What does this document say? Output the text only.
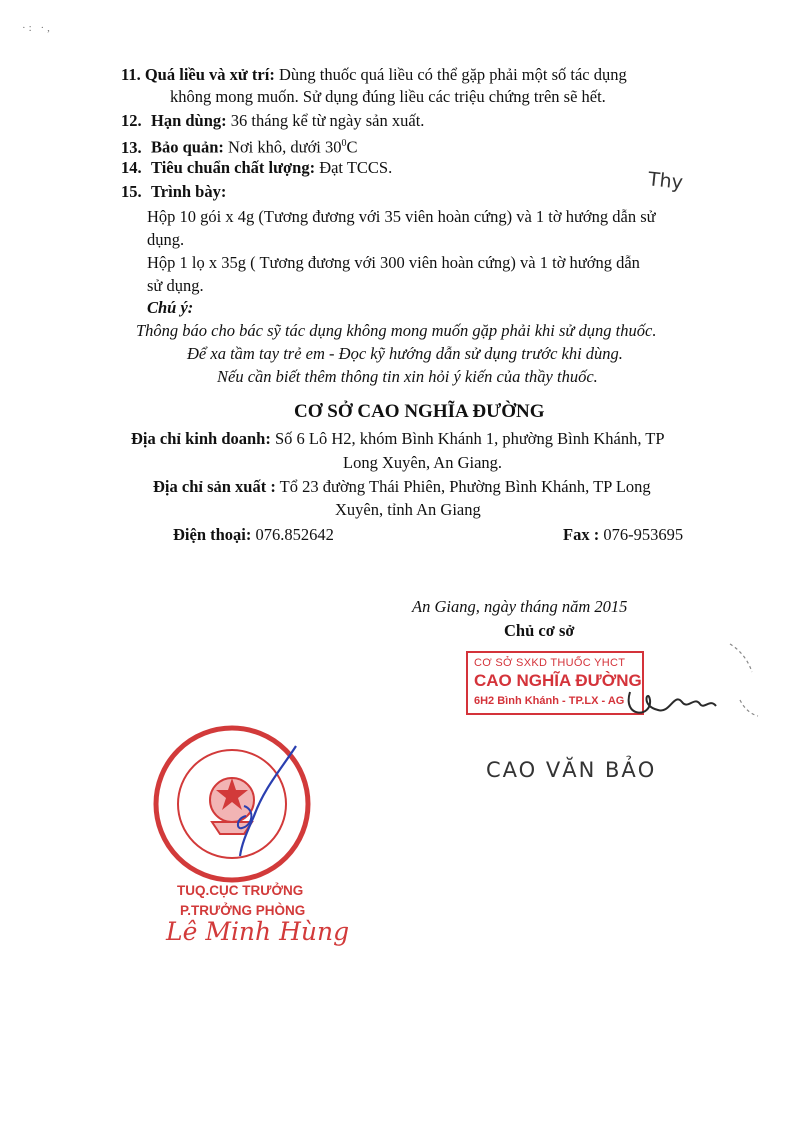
·: ·,
11. Quá liều và xử trí: Dùng thuốc quá liều có thể gặp phải một số tác dụng
không mong muốn. Sử dụng đúng liều các triệu chứng trên sẽ hết.
12. Hạn dùng: 36 tháng kể từ ngày sản xuất.
13. Bảo quản: Nơi khô, dưới $30^0C$
14. Tiêu chuẩn chất lượng: Đạt TCCS.
15. Trình bày:	Thy
Hộp 10 gói x 4g (Tương đương với 35 viên hoàn cứng) và 1 tờ hướng dẫn sử
dụng.
Hộp 1 lọ x 35g ( Tương đương với 300 viên hoàn cứng) và 1 tờ hướng dẫn
sử dụng.
Chú ý:
Thông báo cho bác sỹ tác dụng không mong muốn gặp phải khi sử dụng thuốc.
Để xa tầm tay trẻ em - Đọc kỹ hướng dẫn sử dụng trước khi dùng.
Nếu cần biết thêm thông tin xin hỏi ý kiến của thầy thuốc.
CƠ SỞ CAO NGHĨA ĐƯỜNG
Địa chỉ kinh doanh: Số 6 Lô H2, khóm Bình Khánh 1, phường Bình Khánh, TP
Long Xuyên, An Giang.
Địa chỉ sản xuất : Tổ 23 đường Thái Phiên, Phường Bình Khánh, TP Long
Xuyên, tỉnh An Giang
Điện thoại: 076.852642	Fax : 076-953695
An Giang, ngày tháng năm 2015
Chủ cơ sở
CƠ SỞ SXKD THUỐC YHCT
CAO NGHĨA ĐƯỜNG
6H2 Bình Khánh - TP.LX - AG
CAO VĂN BẢO
TUQ.CỤC TRƯỞNG
P.TRƯỞNG PHÒNG
Lê Minh Hùng
